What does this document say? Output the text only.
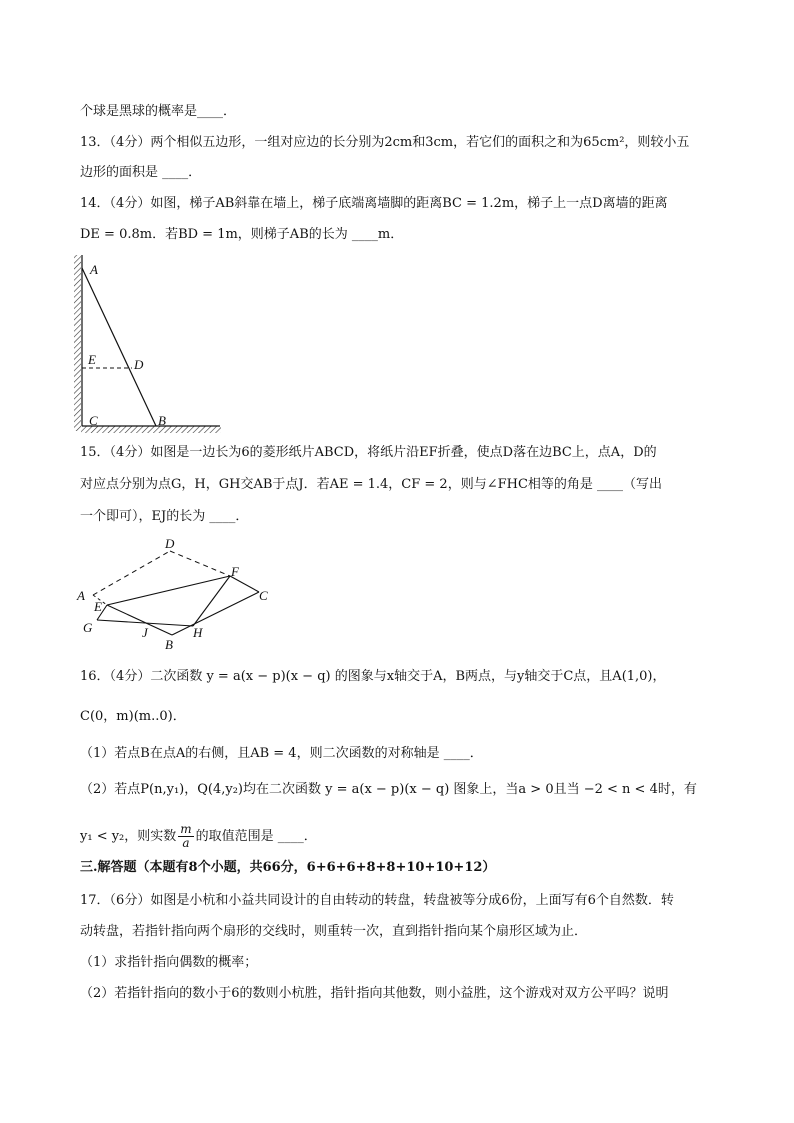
个球是黑球的概率是____．
13．（4分）两个相似五边形，一组对应边的长分别为2cm和3cm，若它们的面积之和为65cm²，则较小五
边形的面积是 ____．
14．（4分）如图，梯子AB斜靠在墙上，梯子底端离墙脚的距离BC = 1.2m，梯子上一点D离墙的距离
DE = 0.8m．若BD = 1m，则梯子AB的长为 ____m．
A
E	D
C	B
15．（4分）如图是一边长为6的菱形纸片ABCD，将纸片沿EF折叠，使点D落在边BC上，点A，D的
对应点分别为点G，H，GH交AB于点J．若AE = 1.4，CF = 2，则与∠FHC相等的角是 ____（写出
一个即可），EJ的长为 ____．
D
F
C
A
E
G	J	H
B
16．（4分）二次函数 y = a(x − p)(x − q) 的图象与x轴交于A，B两点，与y轴交于C点，且A(1,0)，
C(0，m)(m..0)．
（1）若点B在点A的右侧，且AB = 4，则二次函数的对称轴是 ____．
（2）若点P(n,y₁)，Q(4,y₂)均在二次函数 y = a(x − p)(x − q) 图象上，当a > 0且当 −2 < n < 4时，有
y₁ < y₂，则实数 $\frac{m}{a}$ 的取值范围是 ____．
三.解答题（本题有8个小题，共66分，6+6+6+8+8+10+10+12）
17．（6分）如图是小杭和小益共同设计的自由转动的转盘，转盘被等分成6份，上面写有6个自然数．转
动转盘，若指针指向两个扇形的交线时，则重转一次，直到指针指向某个扇形区域为止．
（1）求指针指向偶数的概率；
（2）若指针指向的数小于6的数则小杭胜，指针指向其他数，则小益胜，这个游戏对双方公平吗？说明
